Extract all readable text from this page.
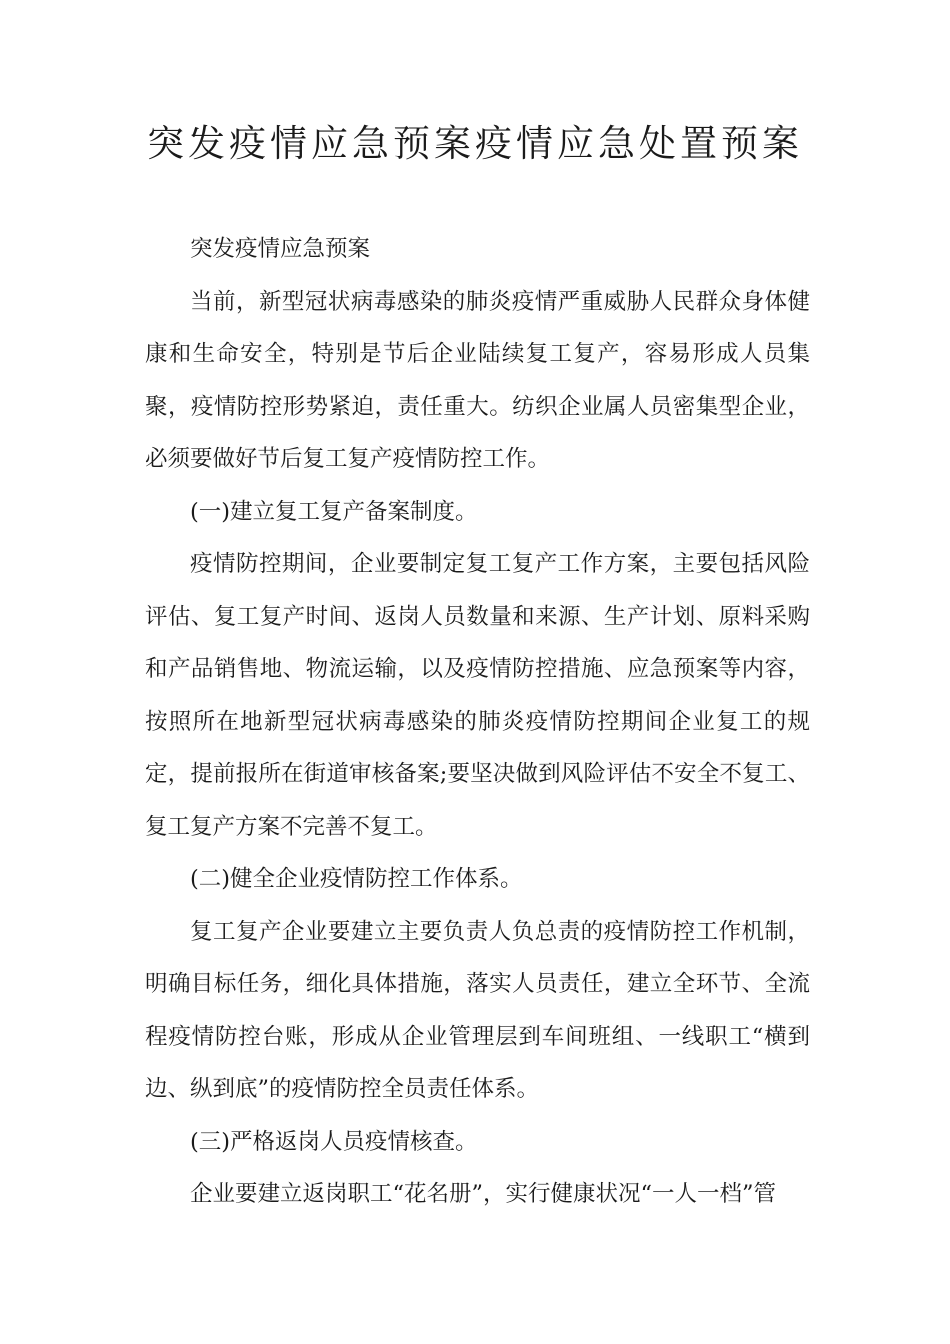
突发疫情应急预案疫情应急处置预案

突发疫情应急预案

当前，新型冠状病毒感染的肺炎疫情严重威胁人民群众身体健康和生命安全，特别是节后企业陆续复工复产，容易形成人员集聚，疫情防控形势紧迫，责任重大。纺织企业属人员密集型企业，必须要做好节后复工复产疫情防控工作。

(一)建立复工复产备案制度。

疫情防控期间，企业要制定复工复产工作方案，主要包括风险评估、复工复产时间、返岗人员数量和来源、生产计划、原料采购和产品销售地、物流运输，以及疫情防控措施、应急预案等内容，按照所在地新型冠状病毒感染的肺炎疫情防控期间企业复工的规定，提前报所在街道审核备案;要坚决做到风险评估不安全不复工、复工复产方案不完善不复工。

(二)健全企业疫情防控工作体系。

复工复产企业要建立主要负责人负总责的疫情防控工作机制，明确目标任务，细化具体措施，落实人员责任，建立全环节、全流程疫情防控台账，形成从企业管理层到车间班组、一线职工“横到边、纵到底”的疫情防控全员责任体系。

(三)严格返岗人员疫情核查。

企业要建立返岗职工“花名册”，实行健康状况“一人一档”管
